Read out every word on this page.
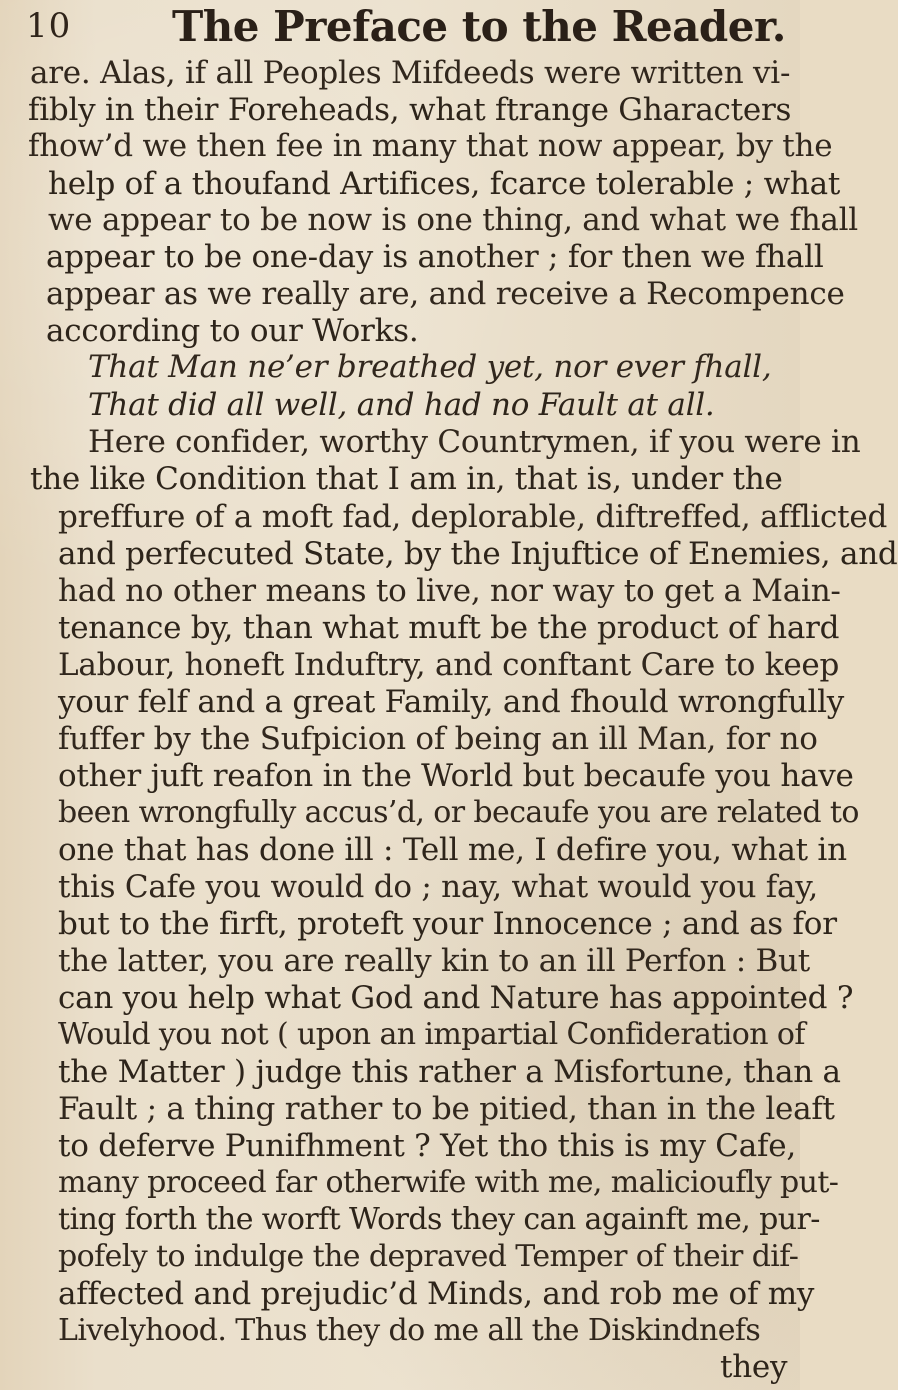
10 The Preface to the Reader.
are. Alas, if all Peoples Mifdeeds were written vi-
fibly in their Foreheads, what ftrange Gharacters
fhow’d we then fee in many that now appear, by the
help of a thoufand Artifices, fcarce tolerable ; what
we appear to be now is one thing, and what we fhall
appear to be one-day is another ; for then we fhall
appear as we really are, and receive a Recompence
according to our Works.
That Man ne’er breathed yet, nor ever fhall,
That did all well, and had no Fault at all.
Here confider, worthy Countrymen, if you were in
the like Condition that I am in, that is, under the
preffure of a moft fad, deplorable, diftreffed, afflicted
and perfecuted State, by the Injuftice of Enemies, and
had no other means to live, nor way to get a Main-
tenance by, than what muft be the product of hard
Labour, honeft Induftry, and conftant Care to keep
your felf and a great Family, and fhould wrongfully
fuffer by the Sufpicion of being an ill Man, for no
other juft reafon in the World but becaufe you have
been wrongfully accus’d, or becaufe you are related to
one that has done ill : Tell me, I defire you, what in
this Cafe you would do ; nay, what would you fay,
but to the firft, proteft your Innocence ; and as for
the latter, you are really kin to an ill Perfon : But
can you help what God and Nature has appointed ?
Would you not ( upon an impartial Confideration of
the Matter ) judge this rather a Misfortune, than a
Fault ; a thing rather to be pitied, than in the leaft
to deferve Punifhment ? Yet tho this is my Cafe,
many proceed far otherwife with me, malicioufly put-
ting forth the worft Words they can againft me, pur-
pofely to indulge the depraved Temper of their dif-
affected and prejudic’d Minds, and rob me of my
Livelyhood. Thus they do me all the Diskindnefs
they
